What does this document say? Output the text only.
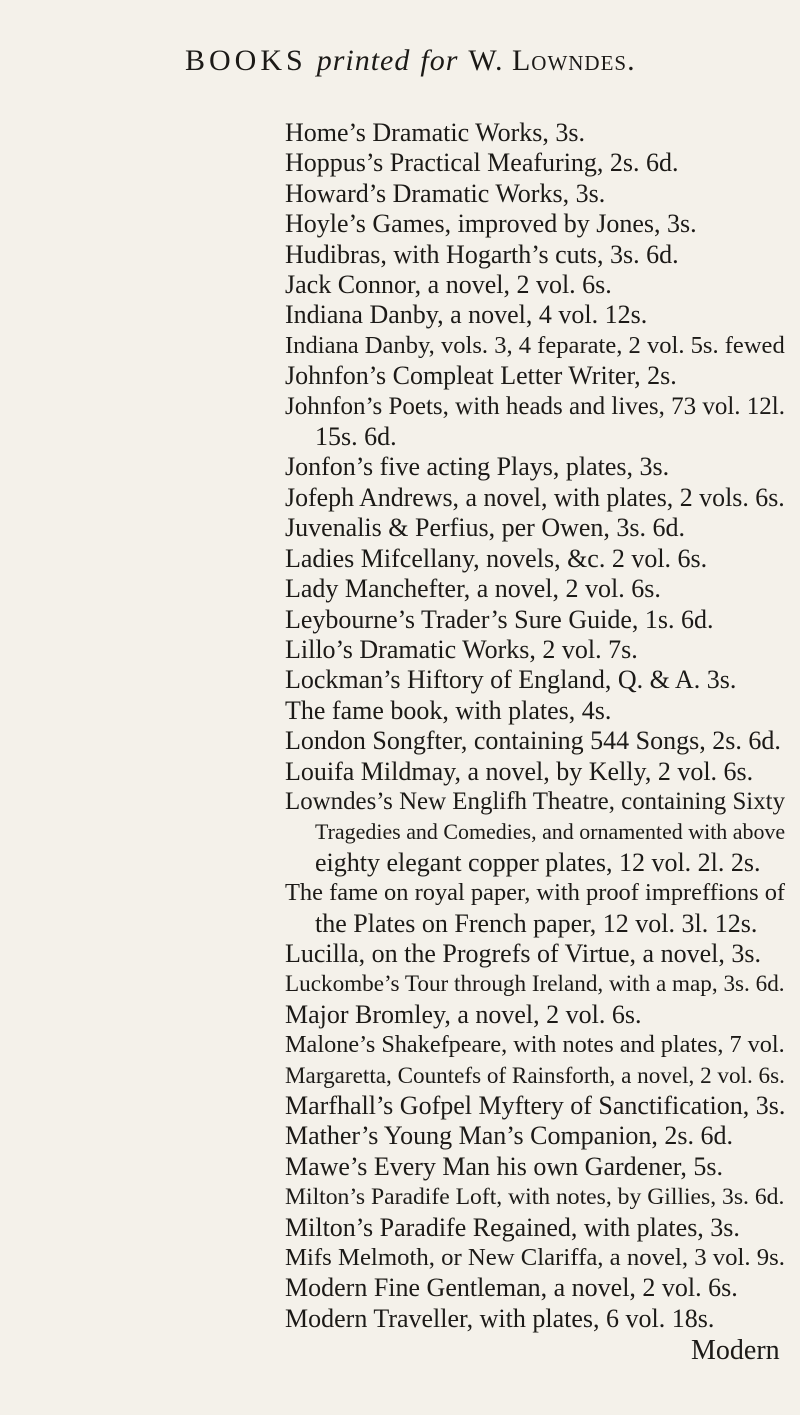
BOOKS printed for W. Lowndes.
Home’s Dramatic Works, 3s.
Hoppus’s Practical Meafuring, 2s. 6d.
Howard’s Dramatic Works, 3s.
Hoyle’s Games, improved by Jones, 3s.
Hudibras, with Hogarth’s cuts, 3s. 6d.
Jack Connor, a novel, 2 vol. 6s.
Indiana Danby, a novel, 4 vol. 12s.
Indiana Danby, vols. 3, 4 feparate, 2 vol. 5s. fewed
Johnfon’s Compleat Letter Writer, 2s.
Johnfon’s Poets, with heads and lives, 73 vol. 12l.
15s. 6d.
Jonfon’s five acting Plays, plates, 3s.
Jofeph Andrews, a novel, with plates, 2 vols. 6s.
Juvenalis & Perfius, per Owen, 3s. 6d.
Ladies Mifcellany, novels, &c. 2 vol. 6s.
Lady Manchefter, a novel, 2 vol. 6s.
Leybourne’s Trader’s Sure Guide, 1s. 6d.
Lillo’s Dramatic Works, 2 vol. 7s.
Lockman’s Hiftory of England, Q. & A. 3s.
The fame book, with plates, 4s.
London Songfter, containing 544 Songs, 2s. 6d.
Louifa Mildmay, a novel, by Kelly, 2 vol. 6s.
Lowndes’s New Englifh Theatre, containing Sixty
Tragedies and Comedies, and ornamented with above
eighty elegant copper plates, 12 vol. 2l. 2s.
The fame on royal paper, with proof impreffions of
the Plates on French paper, 12 vol. 3l. 12s.
Lucilla, on the Progrefs of Virtue, a novel, 3s.
Luckombe’s Tour through Ireland, with a map, 3s. 6d.
Major Bromley, a novel, 2 vol. 6s.
Malone’s Shakefpeare, with notes and plates, 7 vol.
Margaretta, Countefs of Rainsforth, a novel, 2 vol. 6s.
Marfhall’s Gofpel Myftery of Sanctification, 3s.
Mather’s Young Man’s Companion, 2s. 6d.
Mawe’s Every Man his own Gardener, 5s.
Milton’s Paradife Loft, with notes, by Gillies, 3s. 6d.
Milton’s Paradife Regained, with plates, 3s.
Mifs Melmoth, or New Clariffa, a novel, 3 vol. 9s.
Modern Fine Gentleman, a novel, 2 vol. 6s.
Modern Traveller, with plates, 6 vol. 18s.
Modern
